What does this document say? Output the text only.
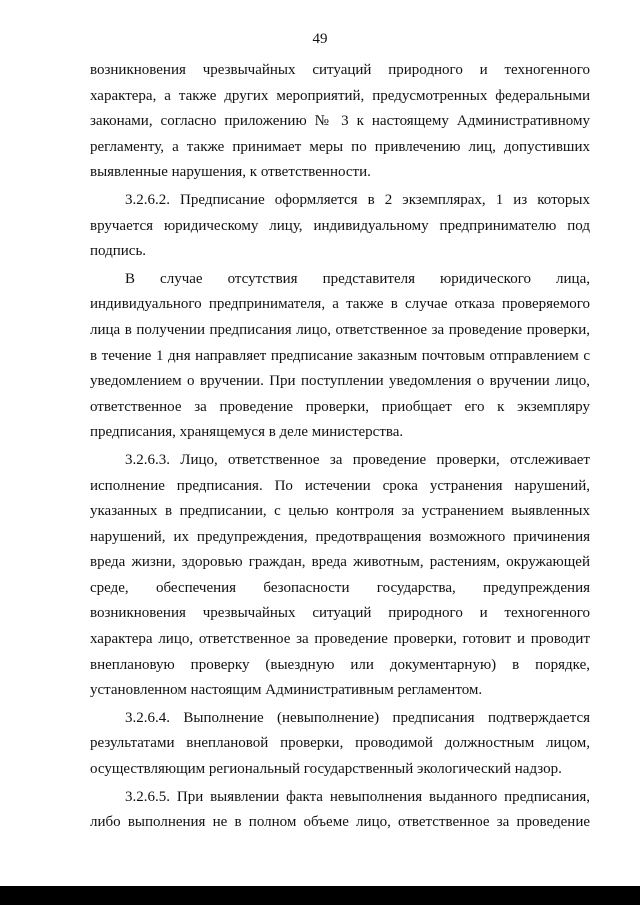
49

возникновения чрезвычайных ситуаций природного и техногенного

характера, а также других мероприятий, предусмотренных федеральными

законами, согласно приложению № 3 к настоящему Административному

регламенту, а также принимает меры по привлечению лиц, допустивших

выявленные нарушения, к ответственности.

3.2.6.2. Предписание оформляется в 2 экземплярах, 1 из которых

вручается юридическому лицу, индивидуальному предпринимателю под

подпись.

В случае отсутствия представителя юридического лица,

индивидуального предпринимателя, а также в случае отказа проверяемого

лица в получении предписания лицо, ответственное за проведение проверки,

в течение 1 дня направляет предписание заказным почтовым отправлением с

уведомлением о вручении. При поступлении уведомления о вручении лицо,

ответственное за проведение проверки, приобщает его к экземпляру

предписания, хранящемуся в деле министерства.

3.2.6.3. Лицо, ответственное за проведение проверки, отслеживает

исполнение предписания. По истечении срока устранения нарушений,

указанных в предписании, с целью контроля за устранением выявленных

нарушений, их предупреждения, предотвращения возможного причинения

вреда жизни, здоровью граждан, вреда животным, растениям, окружающей

среде, обеспечения безопасности государства, предупреждения

возникновения чрезвычайных ситуаций природного и техногенного

характера лицо, ответственное за проведение проверки, готовит и проводит

внеплановую проверку (выездную или документарную) в порядке,

установленном настоящим Административным регламентом.

3.2.6.4. Выполнение (невыполнение) предписания подтверждается

результатами внеплановой проверки, проводимой должностным лицом,

осуществляющим региональный государственный экологический надзор.

3.2.6.5. При выявлении факта невыполнения выданного предписания,

либо выполнения не в полном объеме лицо, ответственное за проведение
